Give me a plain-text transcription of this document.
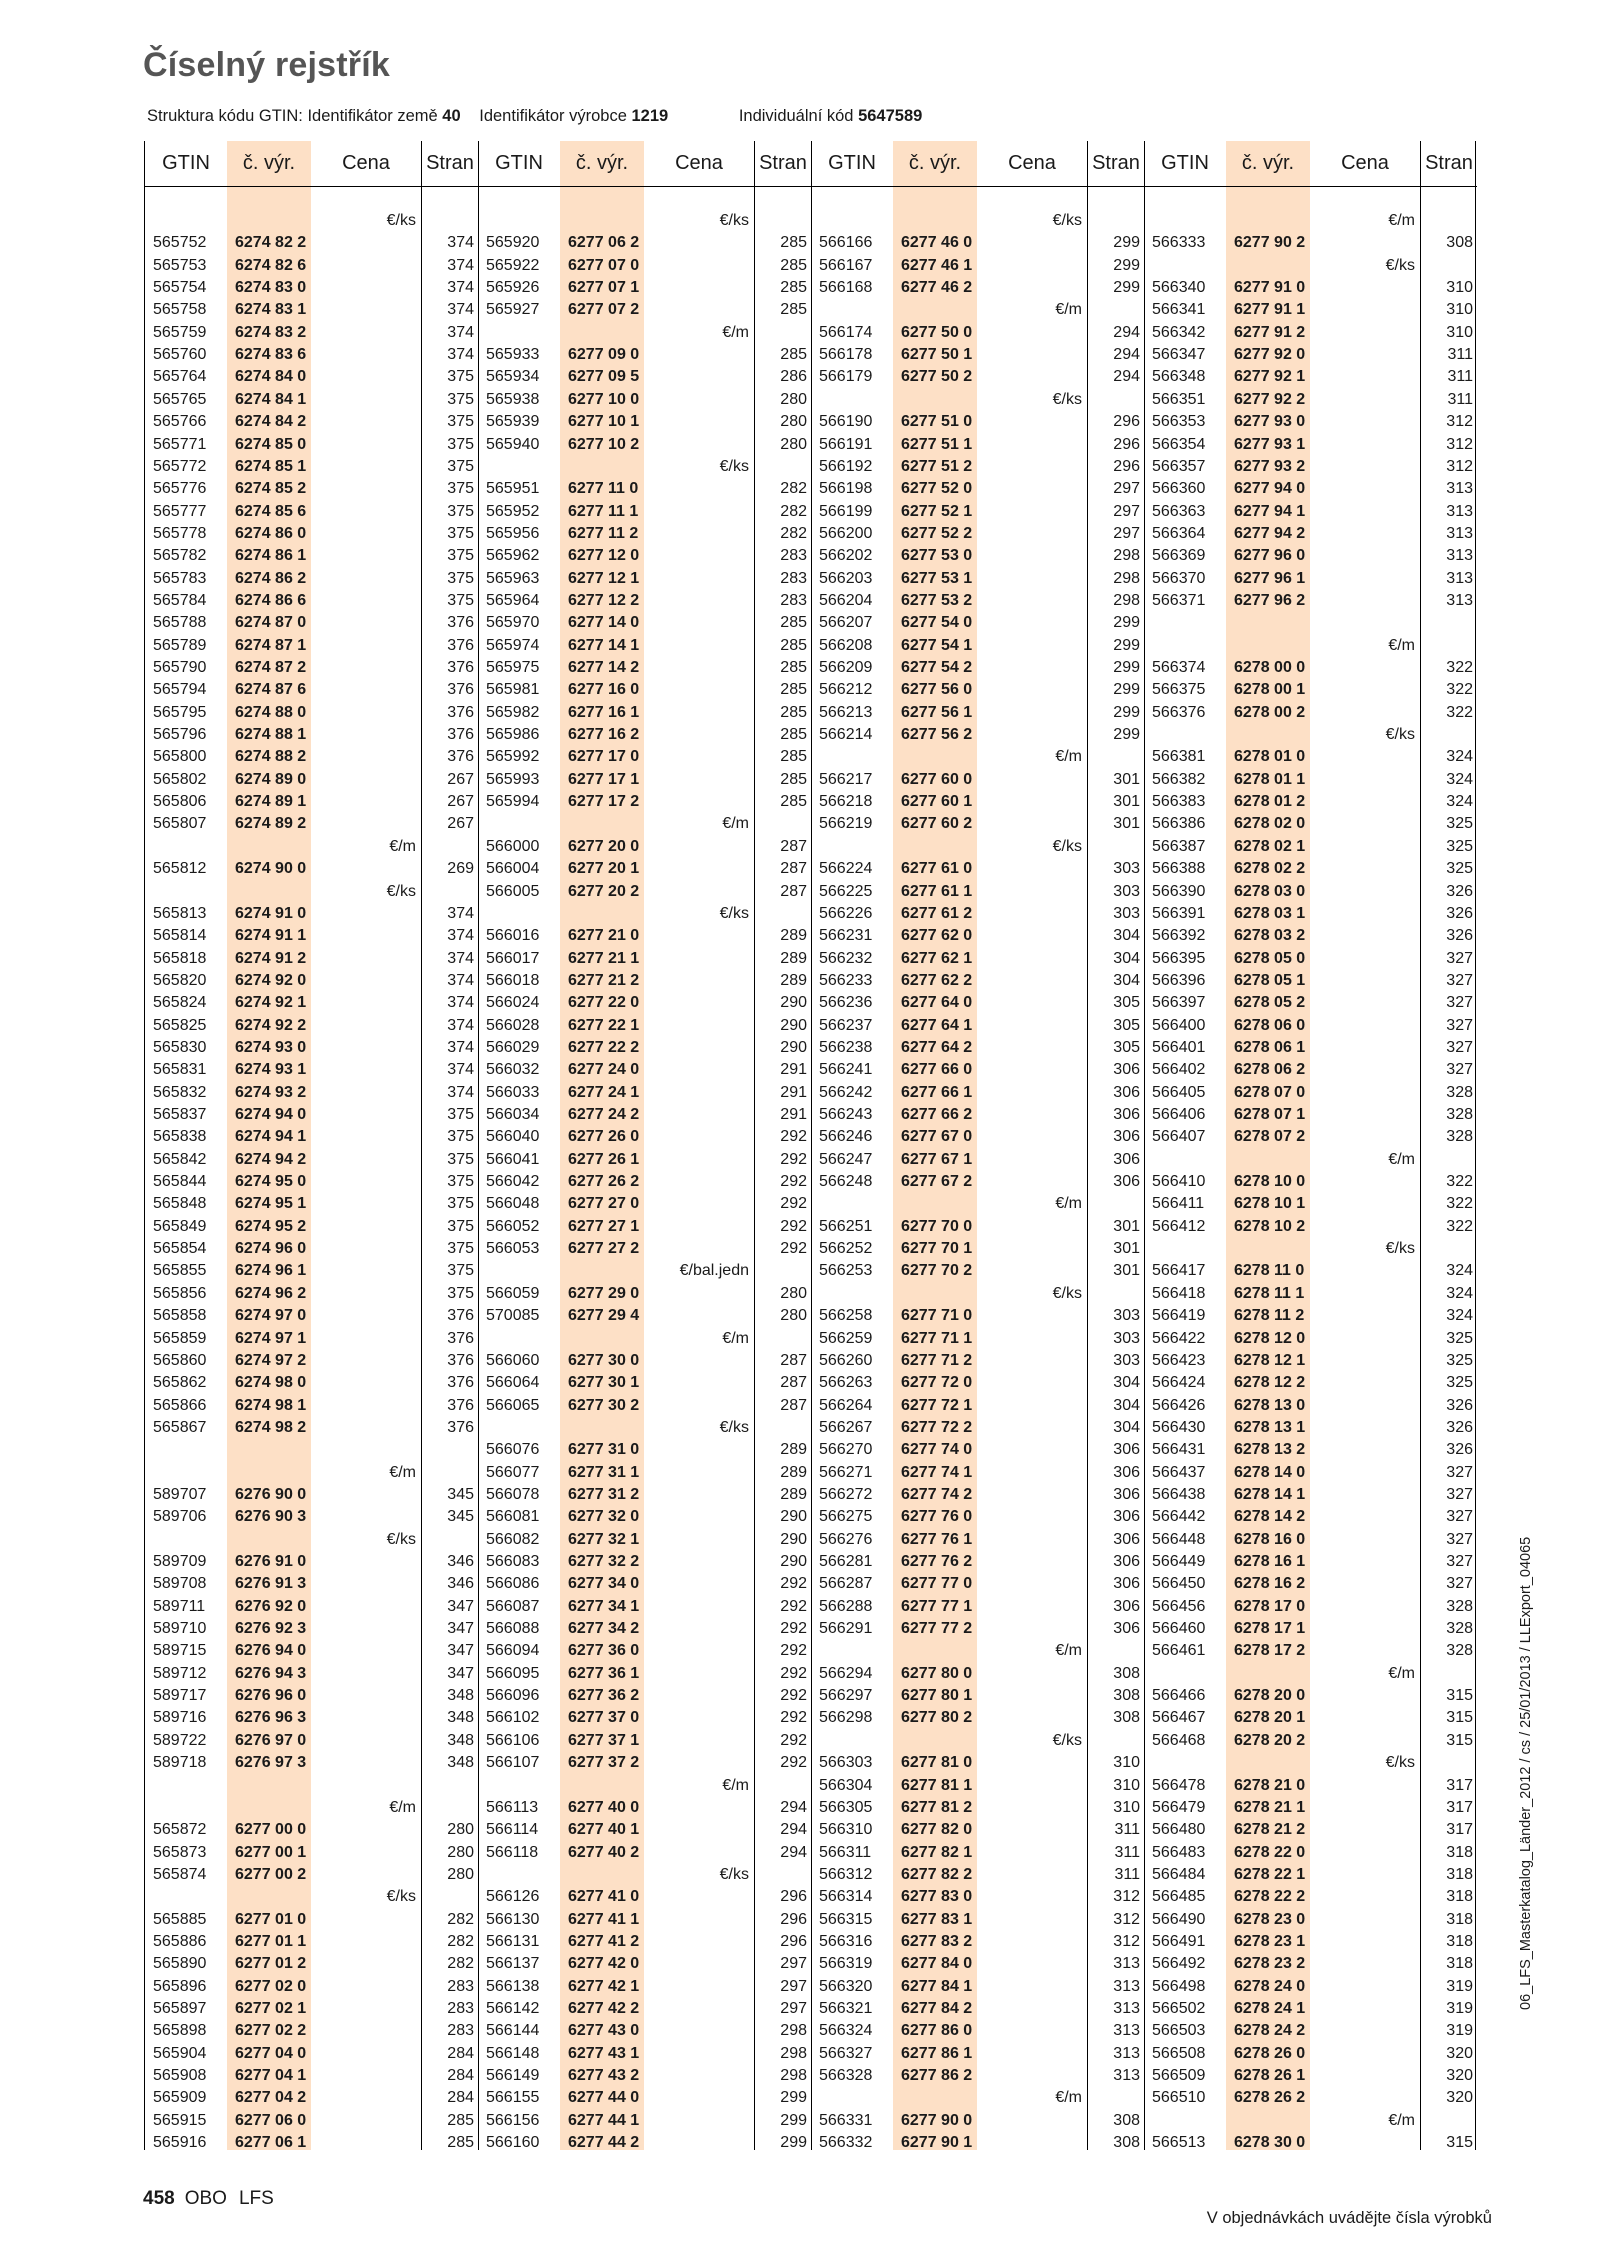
Číselný rejstřík
Struktura kódu GTIN: Identifikátor země 40 Identifikátor výrobce 1219	Individuální kód 5647589
GTIN	č. výr.	Cena	Stran
€/ks
565752 6274 82 2	374
565753 6274 82 6	374
565754 6274 83 0	374
565758 6274 83 1	374
565759 6274 83 2	374
565760 6274 83 6	374
565764 6274 84 0	375
565765 6274 84 1	375
565766 6274 84 2	375
565771 6274 85 0	375
565772 6274 85 1	375
565776 6274 85 2	375
565777 6274 85 6	375
565778 6274 86 0	375
565782 6274 86 1	375
565783 6274 86 2	375
565784 6274 86 6	375
565788 6274 87 0	376
565789 6274 87 1	376
565790 6274 87 2	376
565794 6274 87 6	376
565795 6274 88 0	376
565796 6274 88 1	376
565800 6274 88 2	376
565802 6274 89 0	267
565806 6274 89 1	267
565807 6274 89 2	267
€/m
565812 6274 90 0	269
€/ks
565813 6274 91 0	374
565814 6274 91 1	374
565818 6274 91 2	374
565820 6274 92 0	374
565824 6274 92 1	374
565825 6274 92 2	374
565830 6274 93 0	374
565831 6274 93 1	374
565832 6274 93 2	374
565837 6274 94 0	375
565838 6274 94 1	375
565842 6274 94 2	375
565844 6274 95 0	375
565848 6274 95 1	375
565849 6274 95 2	375
565854 6274 96 0	375
565855 6274 96 1	375
565856 6274 96 2	375
565858 6274 97 0	376
565859 6274 97 1	376
565860 6274 97 2	376
565862 6274 98 0	376
565866 6274 98 1	376
565867 6274 98 2	376
€/m
589707 6276 90 0	345
589706 6276 90 3	345
€/ks
589709 6276 91 0	346
589708 6276 91 3	346
589711 6276 92 0	347
589710 6276 92 3	347
589715 6276 94 0	347
589712 6276 94 3	347
589717 6276 96 0	348
589716 6276 96 3	348
589722 6276 97 0	348
589718 6276 97 3	348
€/m
565872 6277 00 0	280
565873 6277 00 1	280
565874 6277 00 2	280
€/ks
565885 6277 01 0	282
565886 6277 01 1	282
565890 6277 01 2	282
565896 6277 02 0	283
565897 6277 02 1	283
565898 6277 02 2	283
565904 6277 04 0	284
565908 6277 04 1	284
565909 6277 04 2	284
565915 6277 06 0	285
565916 6277 06 1	285
GTIN	č. výr.	Cena	Stran
€/ks
565920 6277 06 2	285
565922 6277 07 0	285
565926 6277 07 1	285
565927 6277 07 2	285
€/m
565933 6277 09 0	285
565934 6277 09 5	286
565938 6277 10 0	280
565939 6277 10 1	280
565940 6277 10 2	280
€/ks
565951 6277 11 0	282
565952 6277 11 1	282
565956 6277 11 2	282
565962 6277 12 0	283
565963 6277 12 1	283
565964 6277 12 2	283
565970 6277 14 0	285
565974 6277 14 1	285
565975 6277 14 2	285
565981 6277 16 0	285
565982 6277 16 1	285
565986 6277 16 2	285
565992 6277 17 0	285
565993 6277 17 1	285
565994 6277 17 2	285
€/m
566000 6277 20 0	287
566004 6277 20 1	287
566005 6277 20 2	287
€/ks
566016 6277 21 0	289
566017 6277 21 1	289
566018 6277 21 2	289
566024 6277 22 0	290
566028 6277 22 1	290
566029 6277 22 2	290
566032 6277 24 0	291
566033 6277 24 1	291
566034 6277 24 2	291
566040 6277 26 0	292
566041 6277 26 1	292
566042 6277 26 2	292
566048 6277 27 0	292
566052 6277 27 1	292
566053 6277 27 2	292
€/bal.jedn
566059 6277 29 0	280
570085 6277 29 4	280
€/m
566060 6277 30 0	287
566064 6277 30 1	287
566065 6277 30 2	287
€/ks
566076 6277 31 0	289
566077 6277 31 1	289
566078 6277 31 2	289
566081 6277 32 0	290
566082 6277 32 1	290
566083 6277 32 2	290
566086 6277 34 0	292
566087 6277 34 1	292
566088 6277 34 2	292
566094 6277 36 0	292
566095 6277 36 1	292
566096 6277 36 2	292
566102 6277 37 0	292
566106 6277 37 1	292
566107 6277 37 2	292
€/m
566113 6277 40 0	294
566114 6277 40 1	294
566118 6277 40 2	294
€/ks
566126 6277 41 0	296
566130 6277 41 1	296
566131 6277 41 2	296
566137 6277 42 0	297
566138 6277 42 1	297
566142 6277 42 2	297
566144 6277 43 0	298
566148 6277 43 1	298
566149 6277 43 2	298
566155 6277 44 0	299
566156 6277 44 1	299
566160 6277 44 2	299
GTIN	č. výr.	Cena	Stran
€/ks
566166 6277 46 0	299
566167 6277 46 1	299
566168 6277 46 2	299
€/m
566174 6277 50 0	294
566178 6277 50 1	294
566179 6277 50 2	294
€/ks
566190 6277 51 0	296
566191 6277 51 1	296
566192 6277 51 2	296
566198 6277 52 0	297
566199 6277 52 1	297
566200 6277 52 2	297
566202 6277 53 0	298
566203 6277 53 1	298
566204 6277 53 2	298
566207 6277 54 0	299
566208 6277 54 1	299
566209 6277 54 2	299
566212 6277 56 0	299
566213 6277 56 1	299
566214 6277 56 2	299
€/m
566217 6277 60 0	301
566218 6277 60 1	301
566219 6277 60 2	301
€/ks
566224 6277 61 0	303
566225 6277 61 1	303
566226 6277 61 2	303
566231 6277 62 0	304
566232 6277 62 1	304
566233 6277 62 2	304
566236 6277 64 0	305
566237 6277 64 1	305
566238 6277 64 2	305
566241 6277 66 0	306
566242 6277 66 1	306
566243 6277 66 2	306
566246 6277 67 0	306
566247 6277 67 1	306
566248 6277 67 2	306
€/m
566251 6277 70 0	301
566252 6277 70 1	301
566253 6277 70 2	301
€/ks
566258 6277 71 0	303
566259 6277 71 1	303
566260 6277 71 2	303
566263 6277 72 0	304
566264 6277 72 1	304
566267 6277 72 2	304
566270 6277 74 0	306
566271 6277 74 1	306
566272 6277 74 2	306
566275 6277 76 0	306
566276 6277 76 1	306
566281 6277 76 2	306
566287 6277 77 0	306
566288 6277 77 1	306
566291 6277 77 2	306
€/m
566294 6277 80 0	308
566297 6277 80 1	308
566298 6277 80 2	308
€/ks
566303 6277 81 0	310
566304 6277 81 1	310
566305 6277 81 2	310
566310 6277 82 0	311
566311 6277 82 1	311
566312 6277 82 2	311
566314 6277 83 0	312
566315 6277 83 1	312
566316 6277 83 2	312
566319 6277 84 0	313
566320 6277 84 1	313
566321 6277 84 2	313
566324 6277 86 0	313
566327 6277 86 1	313
566328 6277 86 2	313
€/m
566331 6277 90 0	308
566332 6277 90 1	308
GTIN	č. výr.	Cena	Stran
€/m
566333 6277 90 2	308
€/ks
566340 6277 91 0	310
566341 6277 91 1	310
566342 6277 91 2	310
566347 6277 92 0	311
566348 6277 92 1	311
566351 6277 92 2	311
566353 6277 93 0	312
566354 6277 93 1	312
566357 6277 93 2	312
566360 6277 94 0	313
566363 6277 94 1	313
566364 6277 94 2	313
566369 6277 96 0	313
566370 6277 96 1	313
566371 6277 96 2	313
€/m
566374 6278 00 0	322
566375 6278 00 1	322
566376 6278 00 2	322
€/ks
566381 6278 01 0	324
566382 6278 01 1	324
566383 6278 01 2	324
566386 6278 02 0	325
566387 6278 02 1	325
566388 6278 02 2	325
566390 6278 03 0	326
566391 6278 03 1	326
566392 6278 03 2	326
566395 6278 05 0	327
566396 6278 05 1	327
566397 6278 05 2	327
566400 6278 06 0	327
566401 6278 06 1	327
566402 6278 06 2	327
566405 6278 07 0	328
566406 6278 07 1	328
566407 6278 07 2	328
€/m
566410 6278 10 0	322
566411 6278 10 1	322
566412 6278 10 2	322
€/ks
566417 6278 11 0	324
566418 6278 11 1	324
566419 6278 11 2	324
566422 6278 12 0	325
566423 6278 12 1	325
566424 6278 12 2	325
566426 6278 13 0	326
566430 6278 13 1	326
566431 6278 13 2	326
566437 6278 14 0	327
566438 6278 14 1	327
566442 6278 14 2	327
566448 6278 16 0	327
566449 6278 16 1	327
566450 6278 16 2	327
566456 6278 17 0	328
566460 6278 17 1	328
566461 6278 17 2	328
€/m
566466 6278 20 0	315
566467 6278 20 1	315
566468 6278 20 2	315
€/ks
566478 6278 21 0	317
566479 6278 21 1	317
566480 6278 21 2	317
566483 6278 22 0	318
566484 6278 22 1	318
566485 6278 22 2	318
566490 6278 23 0	318
566491 6278 23 1	318
566492 6278 23 2	318
566498 6278 24 0	319
566502 6278 24 1	319
566503 6278 24 2	319
566508 6278 26 0	320
566509 6278 26 1	320
566510 6278 26 2	320
€/m
566513 6278 30 0	315
458 OBO LFS
V objednávkách uvádějte čísla výrobků
06_LFS_Masterkatalog_Länder_2012 / cs / 25/01/2013 / LLExport_04065
